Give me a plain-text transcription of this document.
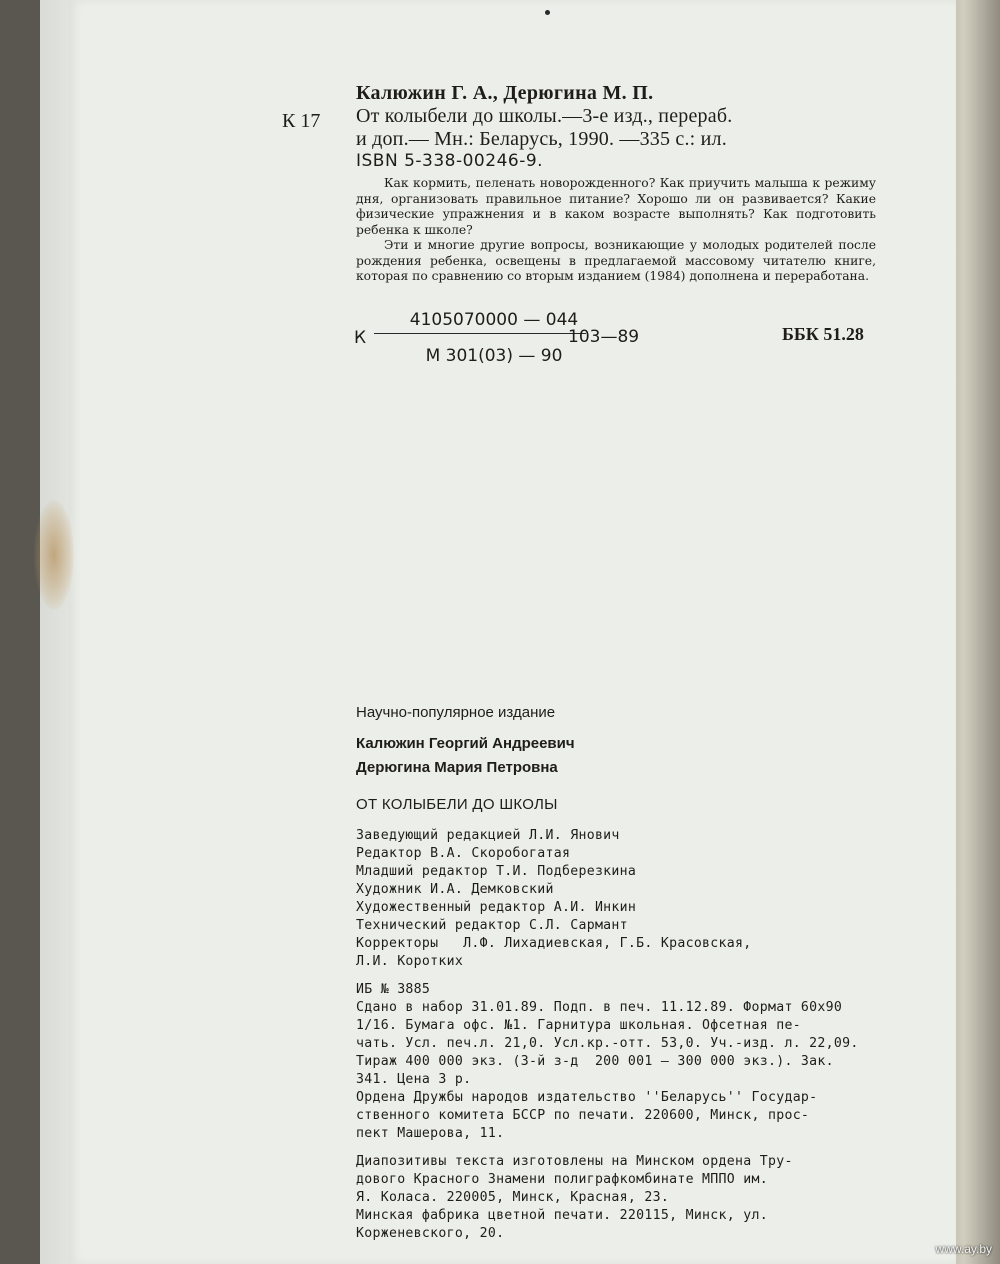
К 17
Калюжин Г. А., Дерюгина М. П.
От колыбели до школы.—3-е изд., перераб.
и доп.— Мн.: Беларусь, 1990. —335 с.: ил.
ISBN 5-338-00246-9.

Как кормить, пеленать новорожденного? Как приучить малыша к режиму дня, организовать правильное питание? Хорошо ли он развивается? Какие физические упражнения и в каком возрасте выполнять? Как подготовить ребенка к школе?

Эти и многие другие вопросы, возникающие у молодых родителей после рождения ребенка, освещены в предлагаемой массовому читателю книге, которая по сравнению со вторым изданием (1984) дополнена и переработана.

К
4105070000 — 044
М 301(03) — 90
103—89	ББК 51.28
Научно-популярное издание
Калюжин Георгий Андреевич
Дерюгина Мария Петровна
ОТ КОЛЫБЕЛИ ДО ШКОЛЫ
Заведующий редакцией Л.И. Янович
Редактор В.А. Скоробогатая
Младший редактор Т.И. Подберезкина
Художник И.А. Демковский
Художественный редактор А.И. Инкин
Технический редактор С.Л. Сармант
Корректоры   Л.Ф. Лихадиевская, Г.Б. Красовская,
Л.И. Коротких
ИБ № 3885
Сдано в набор 31.01.89. Подп. в печ. 11.12.89. Формат 60x90
1/16. Бумага офс. №1. Гарнитура школьная. Офсетная пе-
чать. Усл. печ.л. 21,0. Усл.кр.-отт. 53,0. Уч.-изд. л. 22,09.
Тираж 400 000 экз. (3-й з-д  200 001 — 300 000 экз.). Зак.
341. Цена 3 р.
Ордена Дружбы народов издательство ''Беларусь'' Государ-
ственного комитета БССР по печати. 220600, Минск, прос-
пект Машерова, 11.
Диапозитивы текста изготовлены на Минском ордена Тру-
дового Красного Знамени полиграфкомбинате МППО им.
Я. Коласа. 220005, Минск, Красная, 23.
Минская фабрика цветной печати. 220115, Минск, ул.
Корженевского, 20.
www.ay.by
